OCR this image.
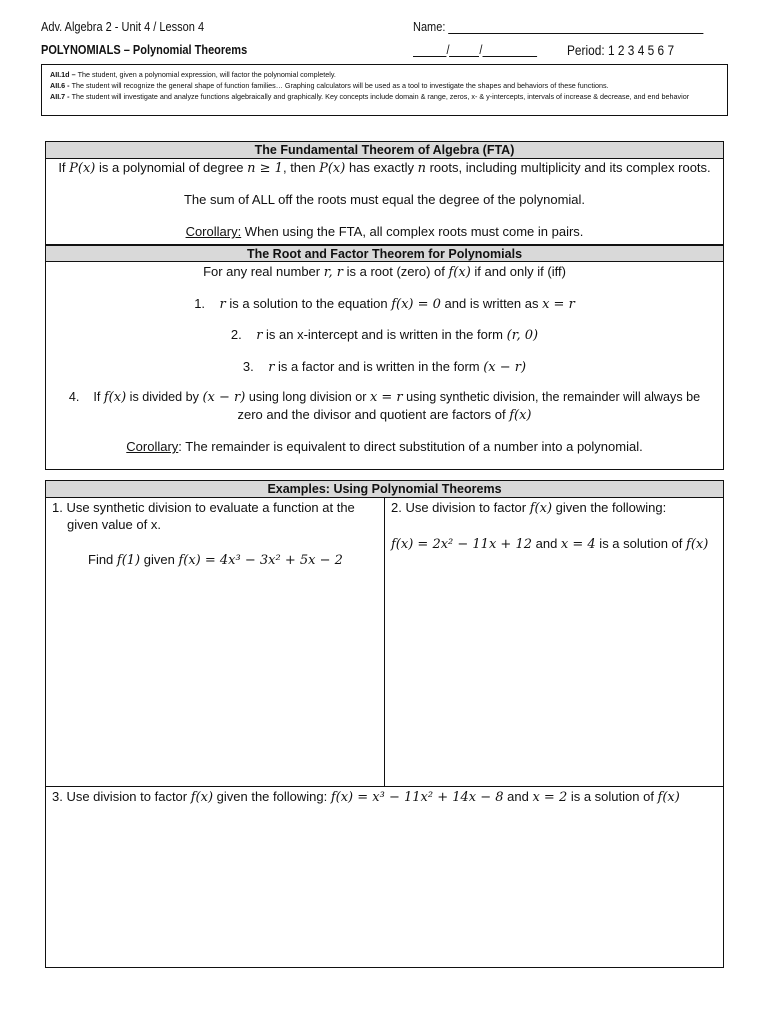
Adv. Algebra 2 - Unit 4 / Lesson 4
POLYNOMIALS – Polynomial Theorems
Name:
/ /	Period: 1 2 3 4 5 6 7

AII.1d – The student, given a polynomial expression, will factor the polynomial completely.

AII.6 - The student will recognize the general shape of function families… Graphing calculators will be used as a tool to investigate the shapes and behaviors of these functions.

AII.7 - The student will investigate and analyze functions algebraically and graphically. Key concepts include domain & range, zeros, x- & y-intercepts, intervals of increase & decrease, and end behavior

The Fundamental Theorem of Algebra (FTA)
If P(x) is a polynomial of degree n ≥ 1, then P(x) has exactly n roots, including multiplicity and its complex roots.
The sum of ALL off the roots must equal the degree of the polynomial.
Corollary: When using the FTA, all complex roots must come in pairs.
The Root and Factor Theorem for Polynomials
For any real number r, r is a root (zero) of f(x) if and only if (iff)
1. r is a solution to the equation f(x) = 0 and is written as x = r
2. r is an x-intercept and is written in the form (r, 0)
3. r is a factor and is written in the form (x − r)
4. If f(x) is divided by (x − r) using long division or x = r using synthetic division, the remainder will always be
zero and the divisor and quotient are factors of f(x)
Corollary: The remainder is equivalent to direct substitution of a number into a polynomial.
Examples: Using Polynomial Theorems
1. Use synthetic division to evaluate a function at the
given value of x.
Find f(1) given f(x) = 4x³ − 3x² + 5x − 2
2. Use division to factor f(x) given the following:
f(x) = 2x² − 11x + 12 and x = 4 is a solution of f(x)
3. Use division to factor f(x) given the following: f(x) = x³ − 11x² + 14x − 8 and x = 2 is a solution of f(x)
